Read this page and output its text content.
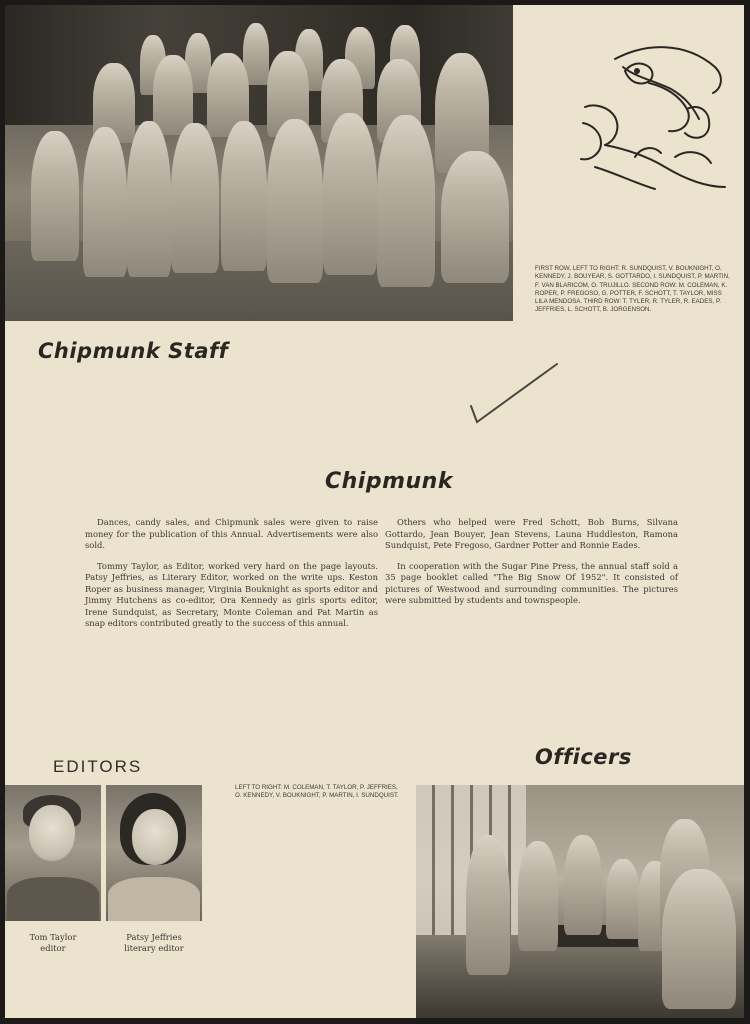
FIRST ROW, LEFT TO RIGHT: R. SUNDQUIST, V. BOUKNIGHT, O. KENNEDY, J. BOUYEAR, S. GOTTARDO, I. SUNDQUIST, P. MARTIN, F. VAN BLARICOM, O. TRUJILLO. SECOND ROW: M. COLEMAN, K. ROPER, P. FREGOSO, G. POTTER, F. SCHOTT, T. TAYLOR, MISS LILA MENDOSA. THIRD ROW: T. TYLER, R. TYLER, R. EADES, P. JEFFRIES, L. SCHOTT, B. JORGENSON.
Chipmunk Staff
Chipmunk

Dances, candy sales, and Chipmunk sales were given to raise money for the publication of this Annual. Advertisements were also sold.

Tommy Taylor, as Editor, worked very hard on the page layouts. Patsy Jeffries, as Literary Editor, worked on the write ups. Keston Roper as business manager, Virginia Bouknight as sports editor and Jimmy Hutchens as co-editor, Ora Kennedy as girls sports editor, Irene Sundquist, as Secretary, Monte Coleman and Pat Martin as snap editors contributed greatly to the success of this annual.

Others who helped were Fred Schott, Bob Burns, Silvana Gottardo, Jean Bouyer, Jean Stevens, Launa Huddleston, Ramona Sundquist, Pete Fregoso, Gardner Potter and Ronnie Eades.

In cooperation with the Sugar Pine Press, the annual staff sold a 35 page booklet called "The Big Snow Of 1952". It consisted of pictures of Westwood and surrounding communities. The pictures were submitted by students and townspeople.

EDITORS
Tom Taylor
editor
Patsy Jeffries
literary editor
LEFT TO RIGHT: M. COLEMAN, T. TAYLOR, P. JEFFRIES, O. KENNEDY, V. BOUKNIGHT, P. MARTIN, I. SUNDQUIST.
Officers
